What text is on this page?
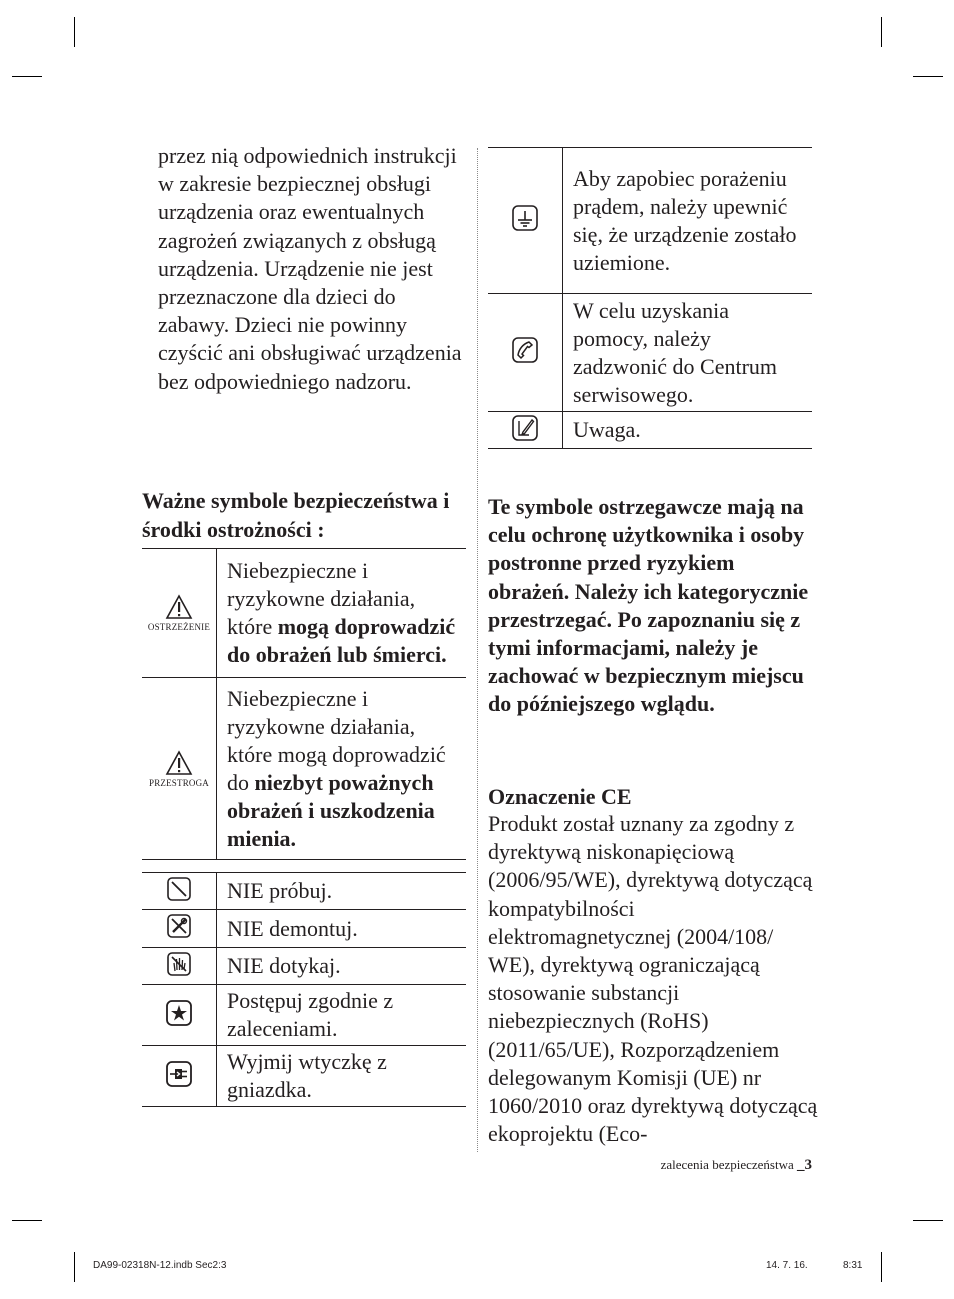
przez nią odpowiednich instrukcji w zakresie bezpiecznej obsługi urządzenia oraz ewentualnych zagrożeń związanych z obsługą urządzenia. Urządzenie nie jest przeznaczone dla dzieci do zabawy. Dzieci nie powinny czyścić ani obsługiwać urządzenia bez odpowiedniego nadzoru.

Ważne symbole bezpieczeństwa i środki ostrożności :
OSTRZEŻENIE	Niebezpieczne i ryzykowne działania, które mogą doprowadzić do obrażeń lub śmierci.

PRZESTROGA	Niebezpieczne i ryzykowne działania, które mogą doprowadzić do niezbyt poważnych obrażeń i uszkodzenia mienia.
	NIE próbuj.
	NIE demontuj.
	NIE dotykaj.
	Postępuj zgodnie z zaleceniami.
	Wyjmij wtyczkę z gniazdka.
	Aby zapobiec porażeniu prądem, należy upewnić się, że urządzenie zostało uziemione.
	W celu uzyskania pomocy, należy zadzwonić do Centrum serwisowego.
	Uwaga.

Te symbole ostrzegawcze mają na celu ochronę użytkownika i osoby postronne przed ryzykiem obrażeń. Należy ich kategorycznie przestrzegać. Po zapoznaniu się z tymi informacjami, należy je zachować w bezpiecznym miejscu do późniejszego wglądu.

Oznaczenie CE

Produkt został uznany za zgodny z dyrektywą niskonapięciową (2006/95/WE), dyrektywą dotyczącą kompatybilności elektromagnetycznej (2004/108/ WE), dyrektywą ograniczającą stosowanie substancji niebezpiecznych (RoHS) (2011/65/UE), Rozporządzeniem delegowanym Komisji (UE) nr 1060/2010 oraz dyrektywą dotyczącą ekoprojektu (Eco-

zalecenia bezpieczeństwa _3
DA99-02318N-12.indb Sec2:3	14. 7. 16.	8:31
